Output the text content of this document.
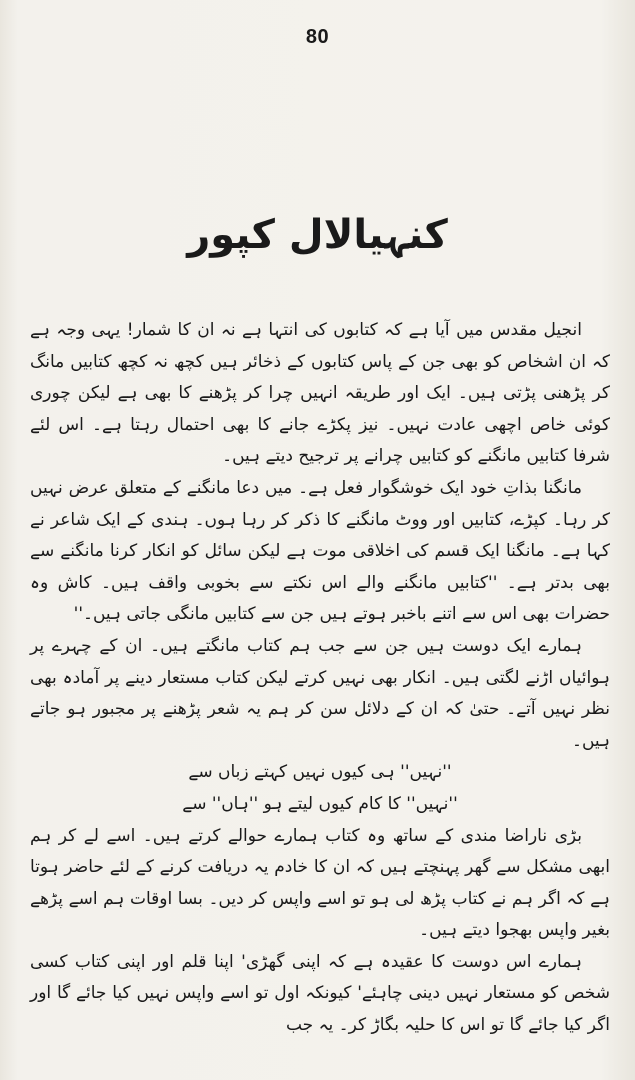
80
کنہیالال کپور

انجیل مقدس میں آیا ہے کہ کتابوں کی انتہا ہے نہ ان کا شمار! یہی وجہ ہے کہ ان اشخاص کو بھی جن کے پاس کتابوں کے ذخائر ہیں کچھ نہ کچھ کتابیں مانگ کر پڑھنی پڑتی ہیں۔ ایک اور طریقہ انہیں چرا کر پڑھنے کا بھی ہے لیکن چوری کوئی خاص اچھی عادت نہیں۔ نیز پکڑے جانے کا بھی احتمال رہتا ہے۔ اس لئے شرفا کتابیں مانگنے کو کتابیں چرانے پر ترجیح دیتے ہیں۔

مانگنا بذاتِ خود ایک خوشگوار فعل ہے۔ میں دعا مانگنے کے متعلق عرض نہیں کر رہا۔ کپڑے، کتابیں اور ووٹ مانگنے کا ذکر کر رہا ہوں۔ ہندی کے ایک شاعر نے کہا ہے۔ مانگنا ایک قسم کی اخلاقی موت ہے لیکن سائل کو انکار کرنا مانگنے سے بھی بدتر ہے۔ ''کتابیں مانگنے والے اس نکتے سے بخوبی واقف ہیں۔ کاش وہ حضرات بھی اس سے اتنے باخبر ہوتے ہیں جن سے کتابیں مانگی جاتی ہیں۔''

ہمارے ایک دوست ہیں جن سے جب ہم کتاب مانگتے ہیں۔ ان کے چہرے پر ہوائیاں اڑنے لگتی ہیں۔ انکار بھی نہیں کرتے لیکن کتاب مستعار دینے پر آمادہ بھی نظر نہیں آتے۔ حتیٰ کہ ان کے دلائل سن کر ہم یہ شعر پڑھنے پر مجبور ہو جاتے ہیں۔

''نہیں'' ہی کیوں نہیں کہتے زباں سے

''نہیں'' کا کام کیوں لیتے ہو ''ہاں'' سے

بڑی ناراضا مندی کے ساتھ وہ کتاب ہمارے حوالے کرتے ہیں۔ اسے لے کر ہم ابھی مشکل سے گھر پہنچتے ہیں کہ ان کا خادم یہ دریافت کرنے کے لئے حاضر ہوتا ہے کہ اگر ہم نے کتاب پڑھ لی ہو تو اسے واپس کر دیں۔ بسا اوقات ہم اسے پڑھے بغیر واپس بھجوا دیتے ہیں۔

ہمارے اس دوست کا عقیدہ ہے کہ اپنی گھڑی' اپنا قلم اور اپنی کتاب کسی شخص کو مستعار نہیں دینی چاہئے' کیونکہ اول تو اسے واپس نہیں کیا جائے گا اور اگر کیا جائے گا تو اس کا حلیہ بگاڑ کر۔ یہ جب
